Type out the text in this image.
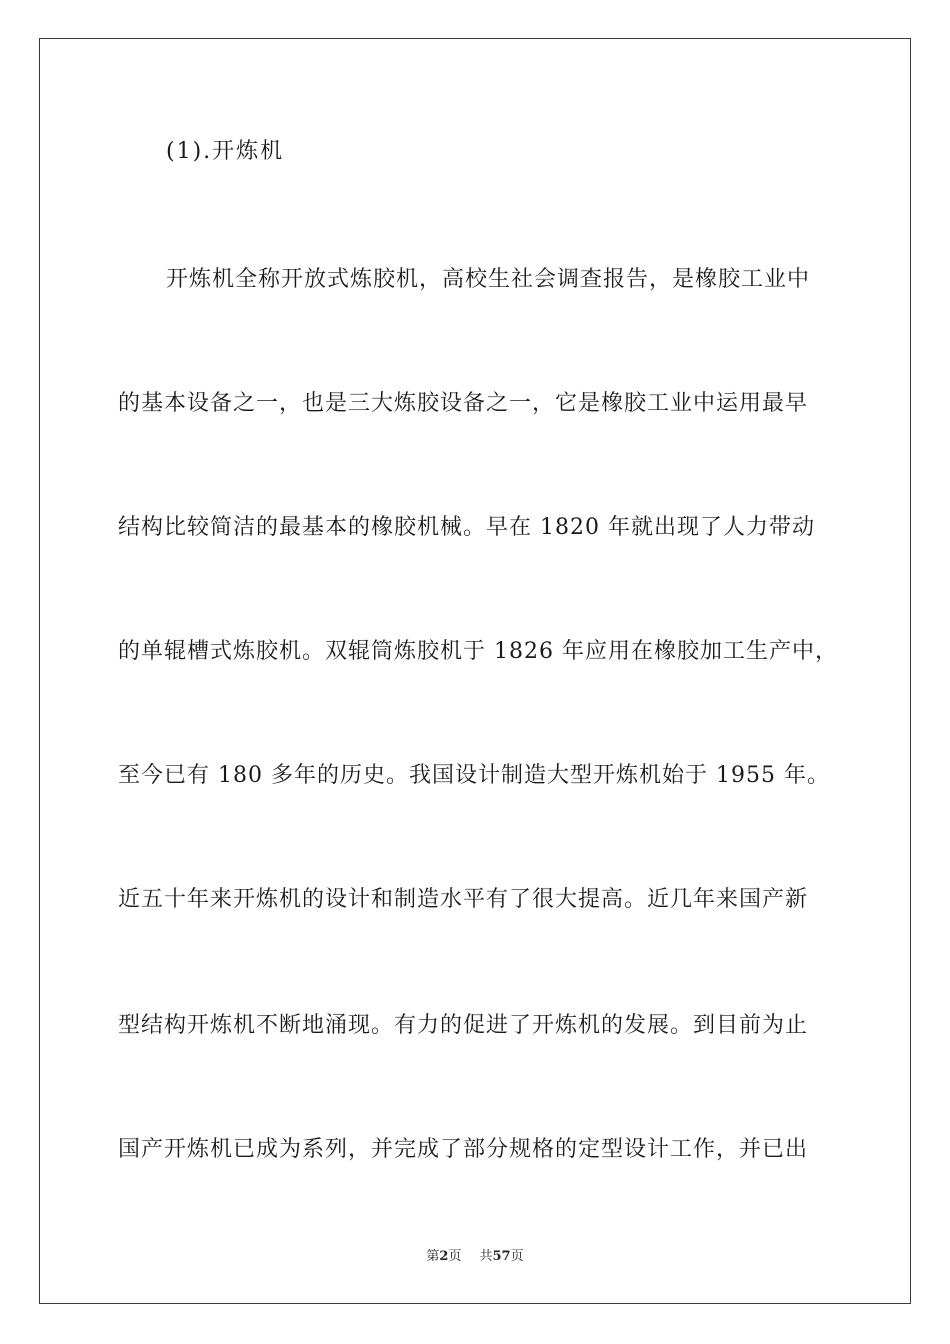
(1).开炼机
开炼机全称开放式炼胶机，高校生社会调查报告，是橡胶工业中
的基本设备之一，也是三大炼胶设备之一，它是橡胶工业中运用最早
结构比较简洁的最基本的橡胶机械。早在 1820 年就出现了人力带动
的单辊槽式炼胶机。双辊筒炼胶机于 1826 年应用在橡胶加工生产中，
至今已有 180 多年的历史。我国设计制造大型开炼机始于 1955 年。
近五十年来开炼机的设计和制造水平有了很大提高。近几年来国产新
型结构开炼机不断地涌现。有力的促进了开炼机的发展。到目前为止
国产开炼机已成为系列，并完成了部分规格的定型设计工作，并已出
第2页 共57页
